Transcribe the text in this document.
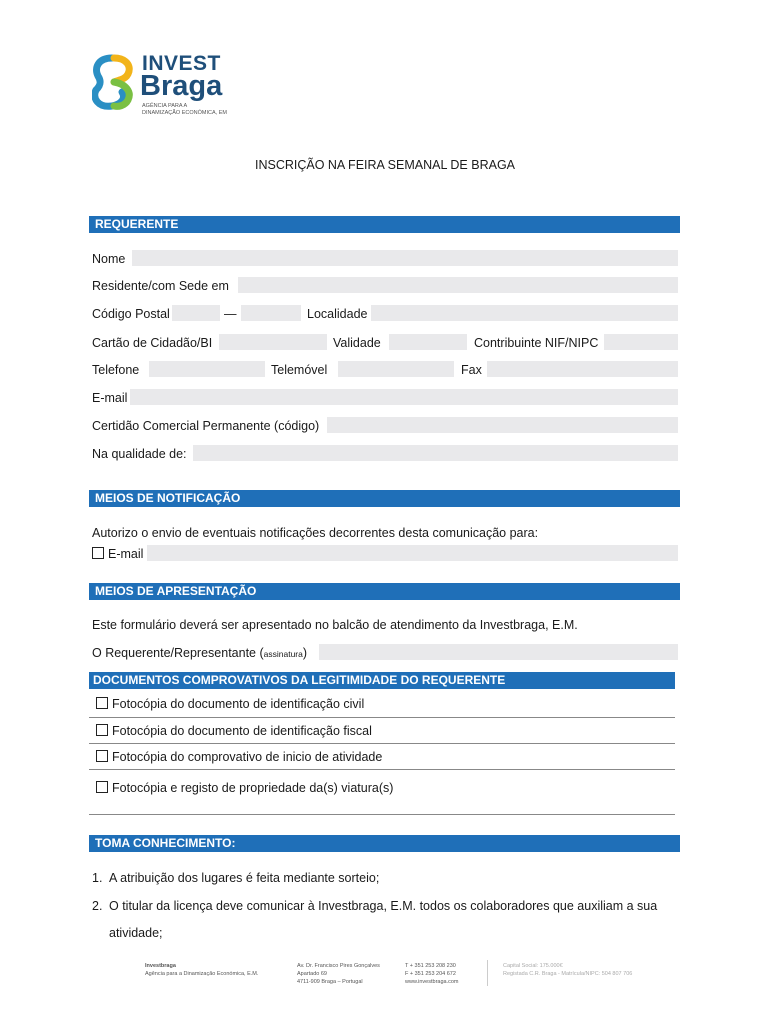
INVEST
Braga
AGÊNCIA PARA A
DINAMIZAÇÃO ECONÓMICA, EM
INSCRIÇÃO NA FEIRA SEMANAL DE BRAGA
REQUERENTE
Nome
Residente/com Sede em
Código Postal	—	Localidade
Cartão de Cidadão/BI	Validade	Contribuinte NIF/NIPC
Telefone	Telemóvel	Fax
E-mail
Certidão Comercial Permanente (código)
Na qualidade de:
MEIOS DE NOTIFICAÇÃO
Autorizo o envio de eventuais notificações decorrentes desta comunicação para:
E-mail
MEIOS DE APRESENTAÇÃO
Este formulário deverá ser apresentado no balcão de atendimento da Investbraga, E.M.
O Requerente/Representante (assinatura)
DOCUMENTOS COMPROVATIVOS DA LEGITIMIDADE DO REQUERENTE
Fotocópia do documento de identificação civil
Fotocópia do documento de identificação fiscal
Fotocópia do comprovativo de inicio de atividade
Fotocópia e registo de propriedade da(s) viatura(s)
TOMA CONHECIMENTO:
1. A atribuição dos lugares é feita mediante sorteio;
2. O titular da licença deve comunicar à Investbraga, E.M. todos os colaboradores que auxiliam a sua
atividade;
Investbraga
Agência para a Dinamização Económica, E.M.
Av. Dr. Francisco Pires Gonçalves
Apartado 69
4711-909 Braga – Portugal
T + 351 253 208 230
F + 351 253 204 672
www.investbraga.com
Capital Social: 175.000€
Registada C.R. Braga - Matrícula/NIPC: 504 807 706
